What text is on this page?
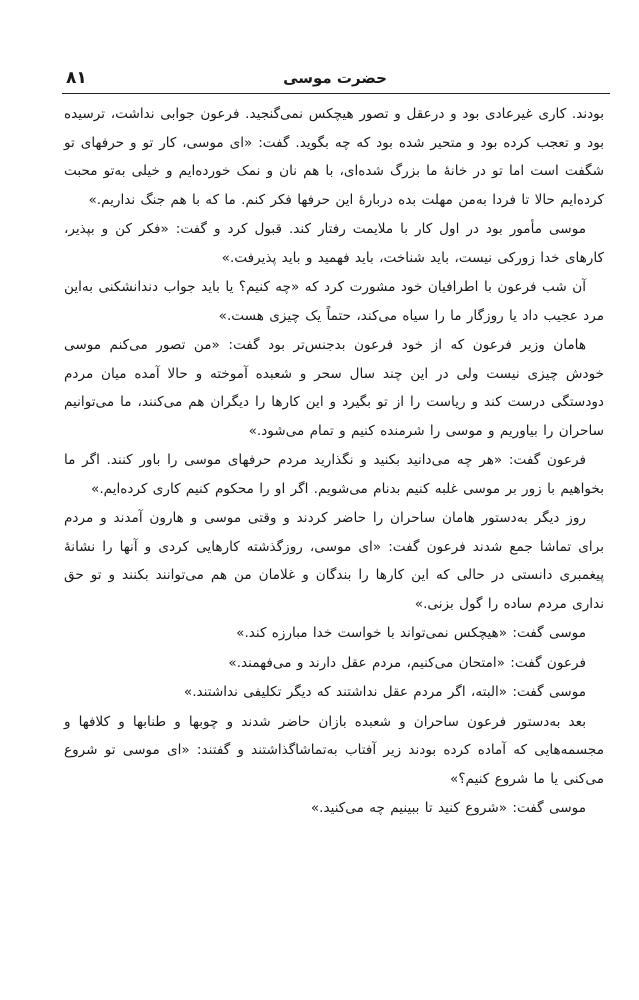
۸۱	حضرت موسی

بودند. کاری غیرعادی بود و درعقل و تصور هیچکس نمی‌گنجید. فرعون جوابی نداشت، ترسیده بود و تعجب کرده بود و متحیر شده بود که چه بگوید. گفت: «ای موسی، کار تو و حرفهای تو شگفت است اما تو در خانهٔ ما بزرگ شده‌ای، با هم نان و نمک خورده‌ایم و خیلی به‌تو محبت کرده‌ایم حالا تا فردا به‌من مهلت بده دربارهٔ این حرفها فکر کنم. ما که با هم جنگ نداریم.»

موسی مأمور بود در اول کار با ملایمت رفتار کند. قبول کرد و گفت: «فکر کن و بپذیر، کارهای خدا زورکی نیست، باید شناخت، باید فهمید و باید پذیرفت.»

آن شب فرعون با اطرافیان خود مشورت کرد که «چه کنیم؟ یا باید جواب دندانشکنی به‌این مرد عجیب داد یا روزگار ما را سیاه می‌کند، حتماً یک چیزی هست.»

هامان وزیر فرعون که از خود فرعون بدجنس‌تر بود گفت: «من تصور می‌کنم موسی خودش چیزی نیست ولی در این چند سال سحر و شعبده آموخته و حالا آمده میان مردم دودستگی درست کند و ریاست را از تو بگیرد و این کارها را دیگران هم می‌کنند، ما می‌توانیم ساحران را بیاوریم و موسی را شرمنده کنیم و تمام می‌شود.»

فرعون گفت: «هر چه می‌دانید بکنید و نگذارید مردم حرفهای موسی را باور کنند. اگر ما بخواهیم با زور بر موسی غلبه کنیم بدنام می‌شویم. اگر او را محکوم کنیم کاری کرده‌ایم.»

روز دیگر به‌دستور هامان ساحران را حاضر کردند و وقتی موسی و هارون آمدند و مردم برای تماشا جمع شدند فرعون گفت: «ای موسی، روزگذشته کارهایی کردی و آنها را نشانهٔ پیغمبری دانستی در حالی که این کارها را بندگان و غلامان من هم می‌توانند بکنند و تو حق نداری مردم ساده را گول بزنی.»

موسی گفت: «هیچکس نمی‌تواند با خواست خدا مبارزه کند.»

فرعون گفت: «امتحان می‌کنیم، مردم عقل دارند و می‌فهمند.»

موسی گفت: «البته، اگر مردم عقل نداشتند که دیگر تکلیفی نداشتند.»

بعد به‌دستور فرعون ساحران و شعبده بازان حاضر شدند و چوبها و طنابها و کلافها و مجسمه‌هایی که آماده کرده بودند زیر آفتاب به‌تماشاگذاشتند و گفتند: «ای موسی تو شروع می‌کنی یا ما شروع کنیم؟»

موسی گفت: «شروع کنید تا ببینیم چه می‌کنید.»
